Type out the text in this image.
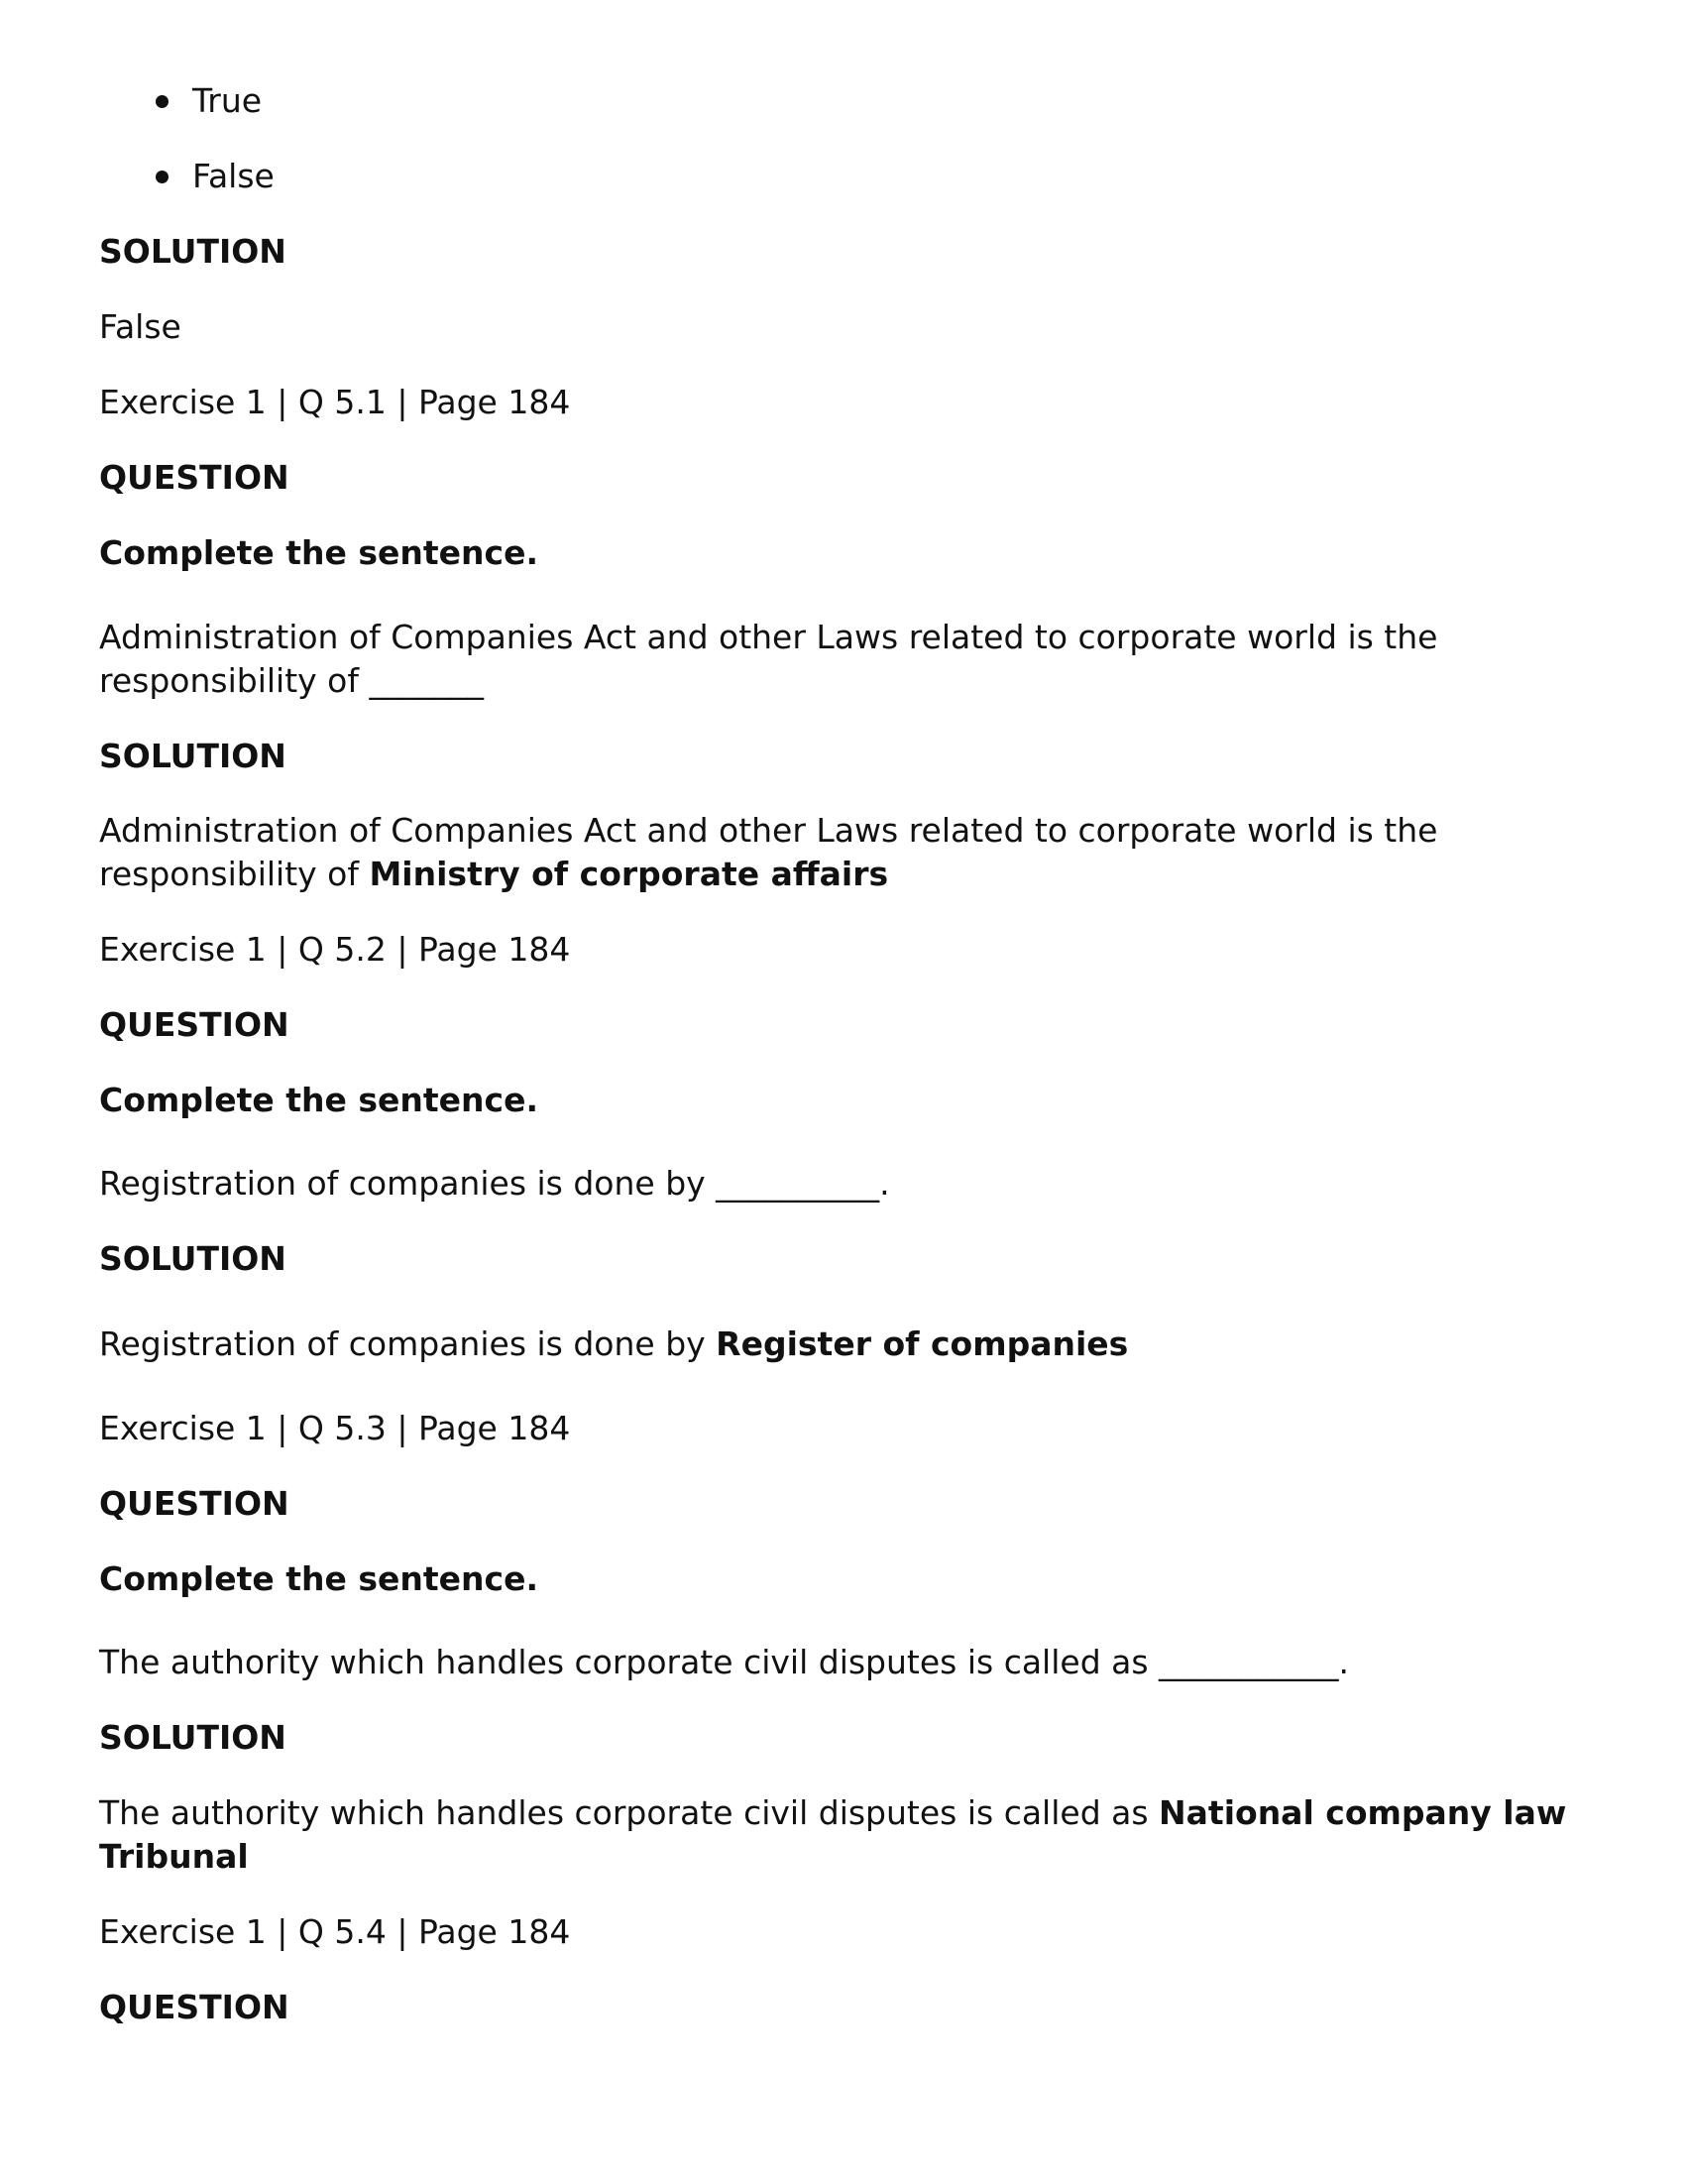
True
False

SOLUTION

False

Exercise 1 | Q 5.1 | Page 184

QUESTION

Complete the sentence.

Administration of Companies Act and other Laws related to corporate world is the

responsibility of _______

SOLUTION

Administration of Companies Act and other Laws related to corporate world is the

responsibility of Ministry of corporate affairs

Exercise 1 | Q 5.2 | Page 184

QUESTION

Complete the sentence.

Registration of companies is done by __________.

SOLUTION

Registration of companies is done by Register of companies

Exercise 1 | Q 5.3 | Page 184

QUESTION

Complete the sentence.

The authority which handles corporate civil disputes is called as ___________.

SOLUTION

The authority which handles corporate civil disputes is called as National company law

Tribunal

Exercise 1 | Q 5.4 | Page 184

QUESTION
